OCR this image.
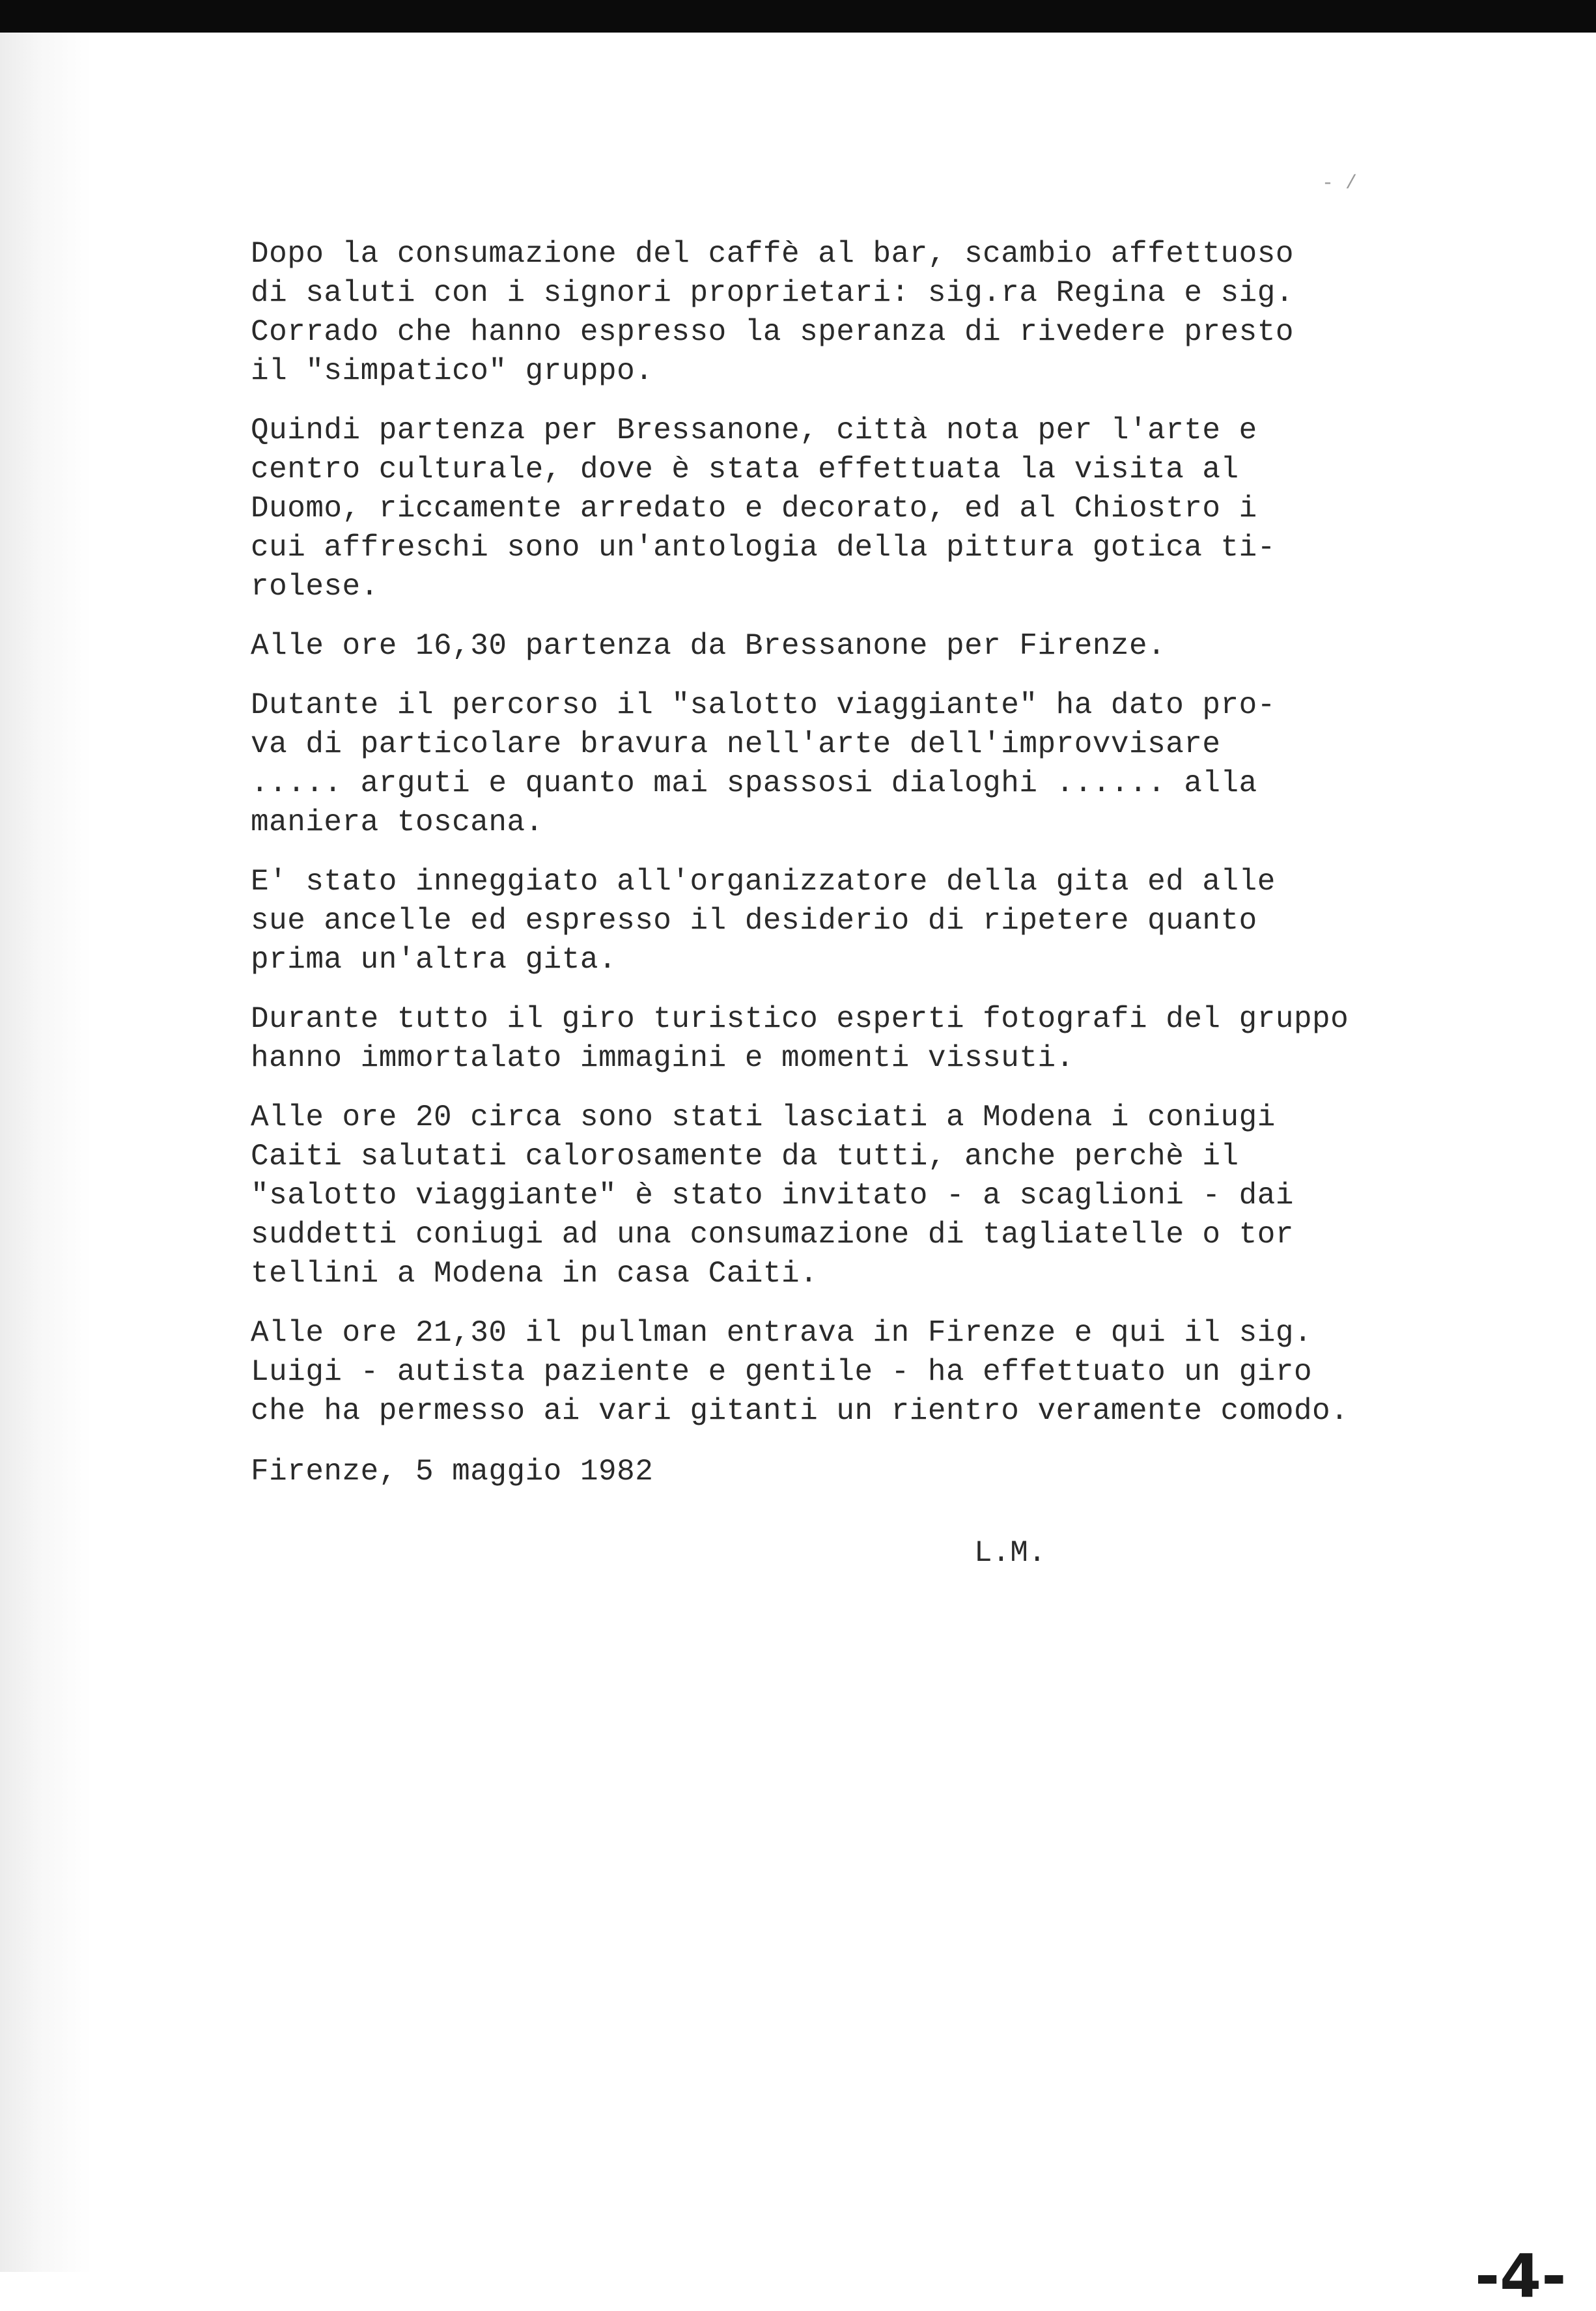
- /

Dopo la consumazione del caffè al bar, scambio affettuoso
di saluti con i signori proprietari: sig.ra Regina e sig.
Corrado che hanno espresso la speranza di rivedere presto
il "simpatico" gruppo.

Quindi partenza per Bressanone, città nota per l'arte e
centro culturale, dove è stata effettuata la visita al
Duomo, riccamente arredato e decorato, ed al Chiostro i
cui affreschi sono un'antologia della pittura gotica ti-
rolese.

Alle ore 16,30 partenza da Bressanone per Firenze.

Dutante il percorso il "salotto viaggiante" ha dato pro-
va di particolare bravura nell'arte dell'improvvisare
..... arguti e quanto mai spassosi dialoghi ...... alla
maniera toscana.

E' stato inneggiato all'organizzatore della gita ed alle
sue ancelle ed espresso il desiderio di ripetere quanto
prima un'altra gita.

Durante tutto il giro turistico esperti fotografi del gruppo
hanno immortalato immagini e momenti vissuti.

Alle ore 20 circa sono stati lasciati a Modena i coniugi
Caiti salutati calorosamente da tutti, anche perchè il
"salotto viaggiante" è stato invitato - a scaglioni - dai
suddetti coniugi ad una consumazione di tagliatelle o tor
tellini a Modena in casa Caiti.

Alle ore 21,30 il pullman entrava in Firenze e qui il sig.
Luigi - autista paziente e gentile - ha effettuato un giro
che ha permesso ai vari gitanti un rientro veramente comodo.

Firenze, 5 maggio 1982

L.M.

-4-
